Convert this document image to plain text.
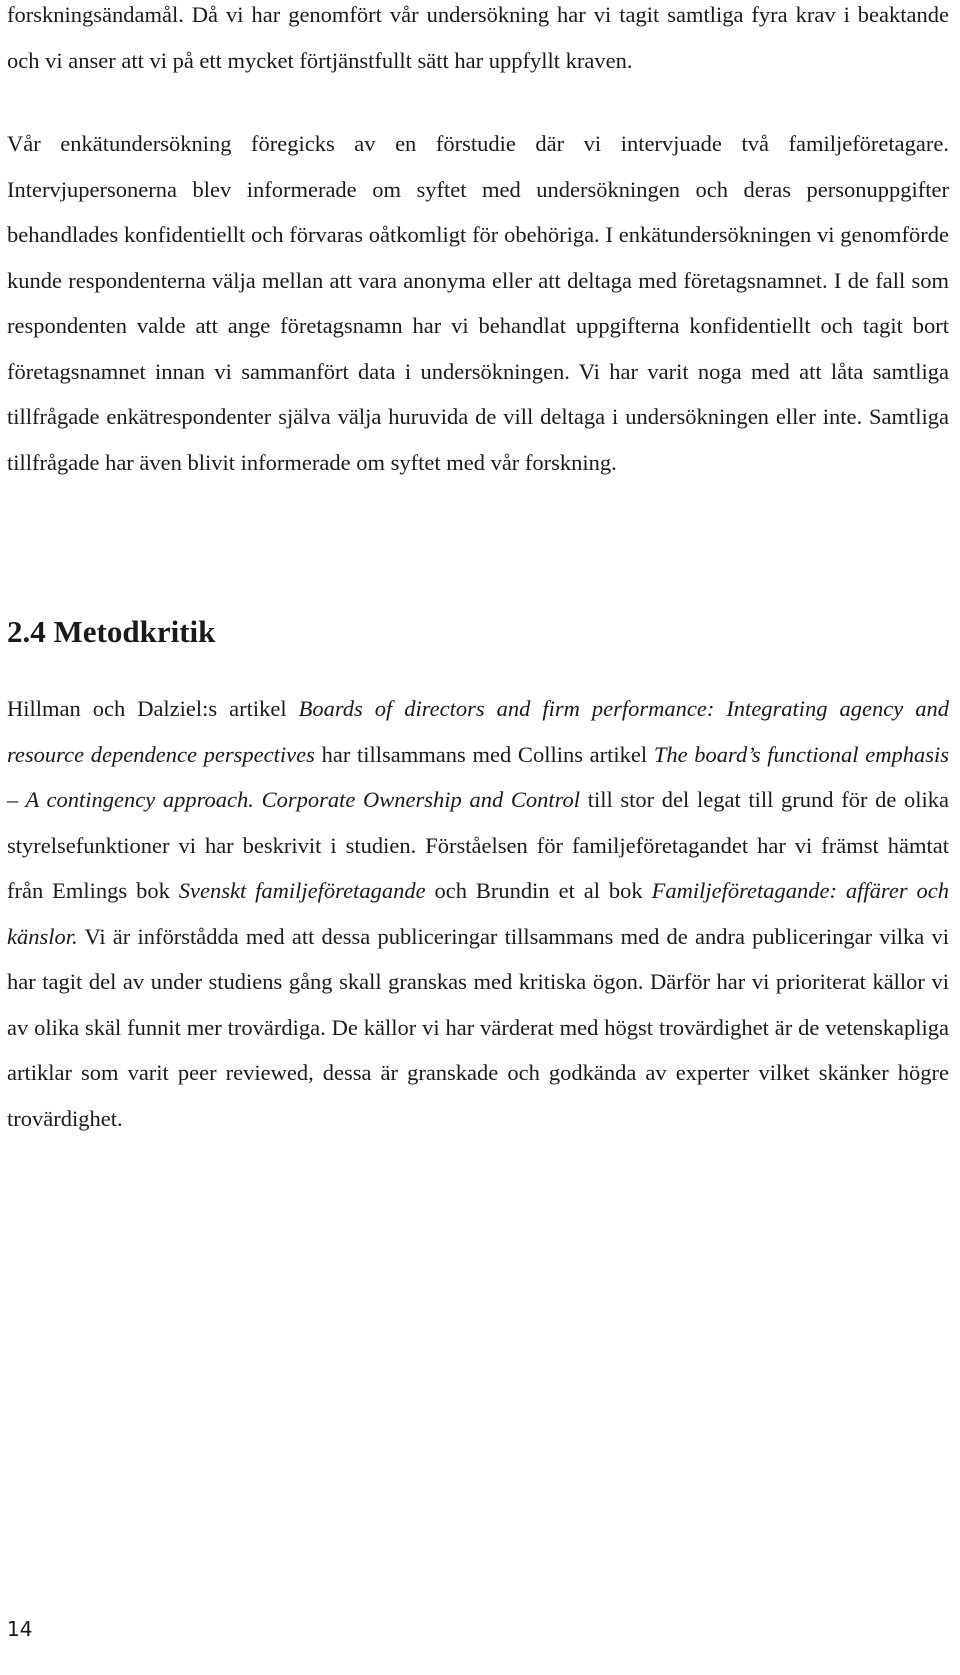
forskningsändamål. Då vi har genomfört vår undersökning har vi tagit samtliga fyra krav i beaktande och vi anser att vi på ett mycket förtjänstfullt sätt har uppfyllt kraven.

Vår enkätundersökning föregicks av en förstudie där vi intervjuade två familjeföretagare. Intervjupersonerna blev informerade om syftet med undersökningen och deras personuppgifter behandlades konfidentiellt och förvaras oåtkomligt för obehöriga. I enkätundersökningen vi genomförde kunde respondenterna välja mellan att vara anonyma eller att deltaga med företagsnamnet. I de fall som respondenten valde att ange företagsnamn har vi behandlat uppgifterna konfidentiellt och tagit bort företagsnamnet innan vi sammanfört data i undersökningen. Vi har varit noga med att låta samtliga tillfrågade enkätrespondenter själva välja huruvida de vill deltaga i undersökningen eller inte. Samtliga tillfrågade har även blivit informerade om syftet med vår forskning.

2.4 Metodkritik

Hillman och Dalziel:s artikel Boards of directors and firm performance: Integrating agency and resource dependence perspectives har tillsammans med Collins artikel The board’s functional emphasis – A contingency approach. Corporate Ownership and Control till stor del legat till grund för de olika styrelsefunktioner vi har beskrivit i studien. Förståelsen för familjeföretagandet har vi främst hämtat från Emlings bok Svenskt familjeföretagande och Brundin et al bok Familjeföretagande: affärer och känslor. Vi är införstådda med att dessa publiceringar tillsammans med de andra publiceringar vilka vi har tagit del av under studiens gång skall granskas med kritiska ögon. Därför har vi prioriterat källor vi av olika skäl funnit mer trovärdiga. De källor vi har värderat med högst trovärdighet är de vetenskapliga artiklar som varit peer reviewed, dessa är granskade och godkända av experter vilket skänker högre trovärdighet.

14
